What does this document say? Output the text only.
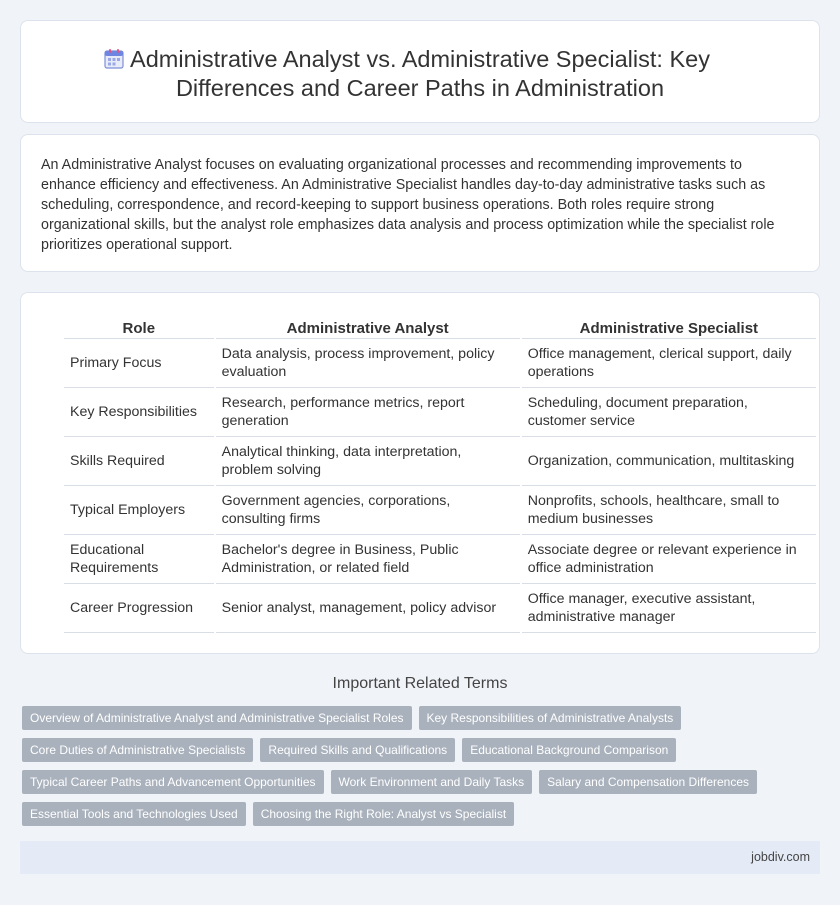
Administrative Analyst vs. Administrative Specialist: Key
Differences and Career Paths in Administration

An Administrative Analyst focuses on evaluating organizational processes and recommending improvements to enhance efficiency and effectiveness. An Administrative Specialist handles day-to-day administrative tasks such as scheduling, correspondence, and record-keeping to support business operations. Both roles require strong organizational skills, but the analyst role emphasizes data analysis and process optimization while the specialist role prioritizes operational support.

Role	Administrative Analyst	Administrative Specialist
Primary Focus	Data analysis, process improvement, policy evaluation	Office management, clerical support, daily operations
Key Responsibilities	Research, performance metrics, report generation	Scheduling, document preparation, customer service
Skills Required	Analytical thinking, data interpretation, problem solving	Organization, communication, multitasking
Typical Employers	Government agencies, corporations, consulting firms	Nonprofits, schools, healthcare, small to medium businesses
Educational Requirements	Bachelor's degree in Business, Public Administration, or related field	Associate degree or relevant experience in office administration
Career Progression	Senior analyst, management, policy advisor	Office manager, executive assistant, administrative manager
Important Related Terms
Overview of Administrative Analyst and Administrative Specialist Roles	Key Responsibilities of Administrative Analysts
Core Duties of Administrative Specialists	Required Skills and Qualifications	Educational Background Comparison
Typical Career Paths and Advancement Opportunities	Work Environment and Daily Tasks	Salary and Compensation Differences
Essential Tools and Technologies Used	Choosing the Right Role: Analyst vs Specialist
jobdiv.com
